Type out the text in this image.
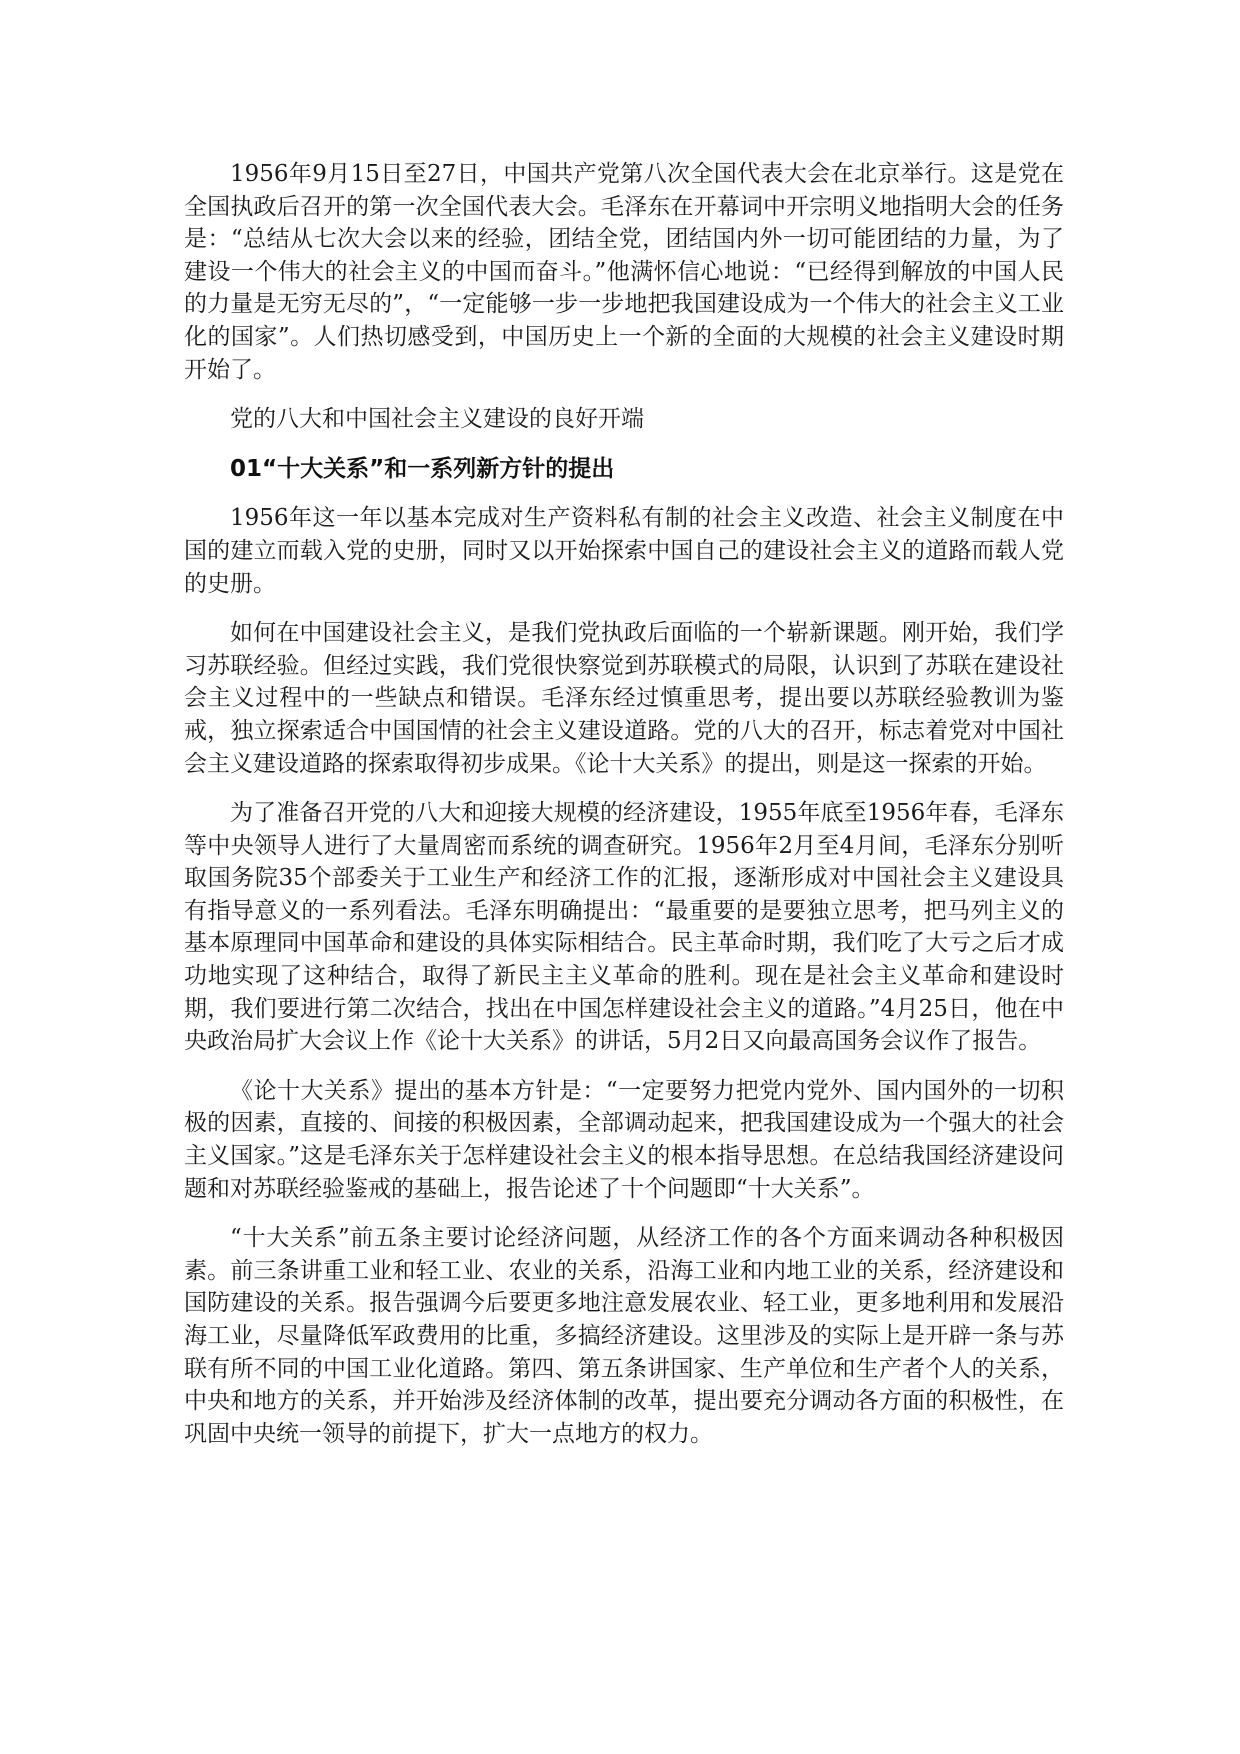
1956年9月15日至27日，中国共产党第八次全国代表大会在北京举行。这是党在全国执政后召开的第一次全国代表大会。毛泽东在开幕词中开宗明义地指明大会的任务是：“总结从七次大会以来的经验，团结全党，团结国内外一切可能团结的力量，为了建设一个伟大的社会主义的中国而奋斗。”他满怀信心地说：“已经得到解放的中国人民的力量是无穷无尽的”，“一定能够一步一步地把我国建设成为一个伟大的社会主义工业化的国家”。人们热切感受到，中国历史上一个新的全面的大规模的社会主义建设时期开始了。

党的八大和中国社会主义建设的良好开端

01“十大关系”和一系列新方针的提出

1956年这一年以基本完成对生产资料私有制的社会主义改造、社会主义制度在中国的建立而载入党的史册，同时又以开始探索中国自己的建设社会主义的道路而载人党的史册。

如何在中国建设社会主义，是我们党执政后面临的一个崭新课题。刚开始，我们学习苏联经验。但经过实践，我们党很快察觉到苏联模式的局限，认识到了苏联在建设社会主义过程中的一些缺点和错误。毛泽东经过慎重思考，提出要以苏联经验教训为鉴戒，独立探索适合中国国情的社会主义建设道路。党的八大的召开，标志着党对中国社会主义建设道路的探索取得初步成果。《论十大关系》的提出，则是这一探索的开始。

为了准备召开党的八大和迎接大规模的经济建设，1955年底至1956年春，毛泽东等中央领导人进行了大量周密而系统的调查研究。1956年2月至4月间，毛泽东分别听取国务院35个部委关于工业生产和经济工作的汇报，逐渐形成对中国社会主义建设具有指导意义的一系列看法。毛泽东明确提出：“最重要的是要独立思考，把马列主义的基本原理同中国革命和建设的具体实际相结合。民主革命时期，我们吃了大亏之后才成功地实现了这种结合，取得了新民主主义革命的胜利。现在是社会主义革命和建设时期，我们要进行第二次结合，找出在中国怎样建设社会主义的道路。”4月25日，他在中央政治局扩大会议上作《论十大关系》的讲话，5月2日又向最高国务会议作了报告。

《论十大关系》提出的基本方针是：“一定要努力把党内党外、国内国外的一切积极的因素，直接的、间接的积极因素，全部调动起来，把我国建设成为一个强大的社会主义国家。”这是毛泽东关于怎样建设社会主义的根本指导思想。在总结我国经济建设问题和对苏联经验鉴戒的基础上，报告论述了十个问题即“十大关系”。

“十大关系”前五条主要讨论经济问题，从经济工作的各个方面来调动各种积极因素。前三条讲重工业和轻工业、农业的关系，沿海工业和内地工业的关系，经济建设和国防建设的关系。报告强调今后要更多地注意发展农业、轻工业，更多地利用和发展沿海工业，尽量降低军政费用的比重，多搞经济建设。这里涉及的实际上是开辟一条与苏联有所不同的中国工业化道路。第四、第五条讲国家、生产单位和生产者个人的关系，中央和地方的关系，并开始涉及经济体制的改革，提出要充分调动各方面的积极性，在巩固中央统一领导的前提下，扩大一点地方的权力。
